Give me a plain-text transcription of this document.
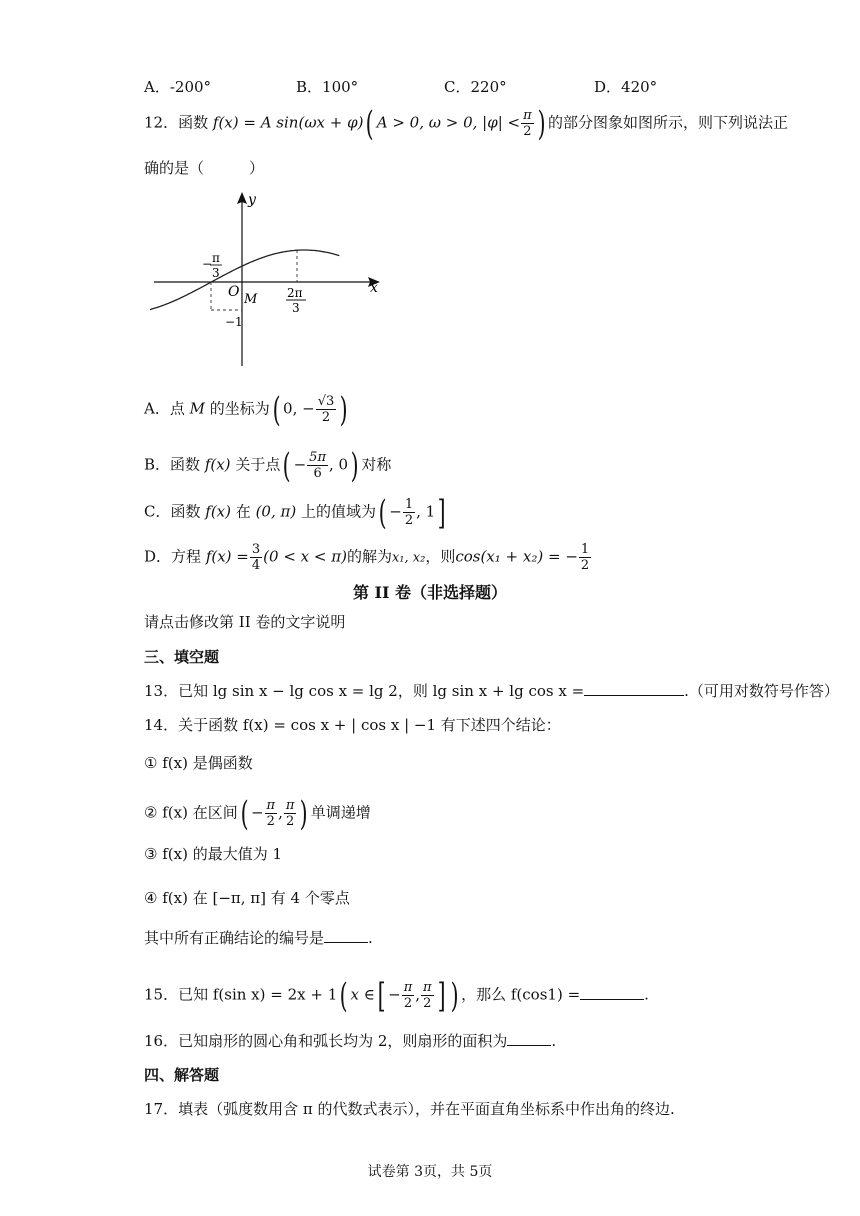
A．-200°	B．100°	C．220°	D．420°
12．函数 f(x) = A sin(ωx + φ)( A > 0, ω > 0, $|\varphi| < \frac{\pi}{2}$ ) 的部分图象如图所示，则下列说法正
确的是（　　　）
y
x
O M
− π
3
2π
3
−1
A．点 M 的坐标为( 0, − $\frac{√3}{2}$ )
B．函数 f(x) 关于点( − $\frac{5\pi}{6}$ , 0) 对称
C．函数 f(x) 在 (0, π) 上的值域为( − $\frac{1}{2}$ , 1]
D．方程 $f(x) = \frac{3}{4} (0 < x < \pi)$的解为x₁, x₂，则cos(x₁ + x₂) = − $\frac{1}{2}$
第 II 卷（非选择题）
请点击修改第 II 卷的文字说明
三、填空题
13．已知 lg sin x − lg cos x = lg 2，则 lg sin x + lg cos x =	.（可用对数符号作答）
14．关于函数 f(x) = cos x + | cos x | −1 有下述四个结论：
① f(x) 是偶函数
② f(x) 在区间( − $\frac{\pi}{2}$ , $\frac{\pi}{2}$ ) 单调递增
③ f(x) 的最大值为 1
④ f(x) 在 [−π, π] 有 4 个零点
其中所有正确结论的编号是	.
15．已知 f(sin x) = 2x + 1( x ∈[ − $\frac{\pi}{2}$ , $\frac{\pi}{2}$ ] ) ，那么 f(cos1) =	.
16．已知扇形的圆心角和弧长均为 2，则扇形的面积为	.
四、解答题
17．填表（弧度数用含 π 的代数式表示），并在平面直角坐标系中作出角的终边.
试卷第 3页，共 5页
